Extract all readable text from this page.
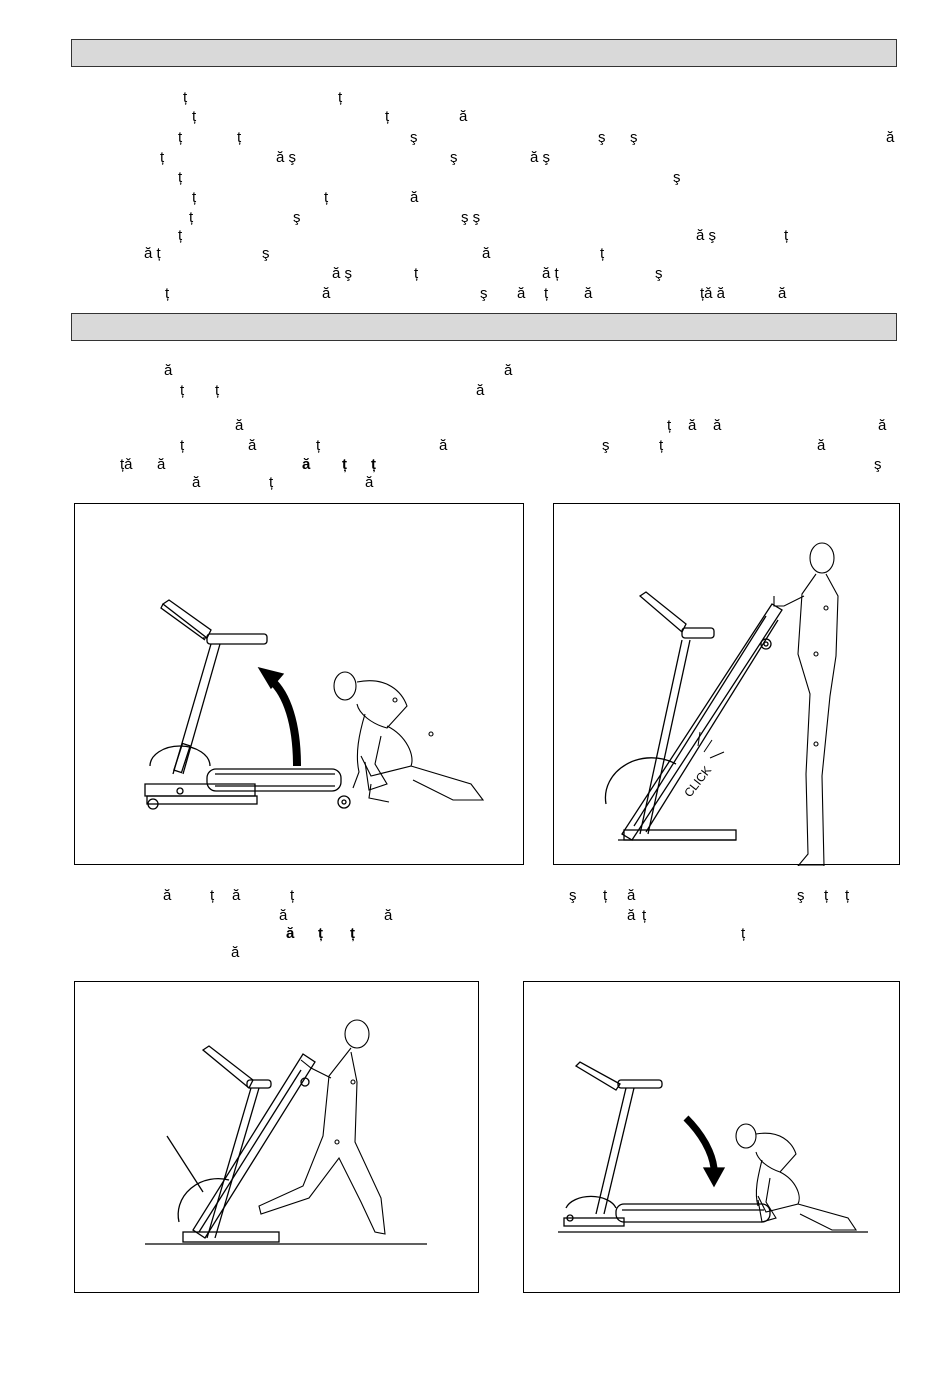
ț	ț
ț	ț	ă
ț	ț	ş	ş ş	ă
ț	ă ş	ş	ă ş
ț	ş
ț	ț	ă
ț	ş	ş ş
ț	ă ş	ț
ă ț	ş	ă	ț
ă ş	ț	ă ț	ş
ț	ă	ş ă ț ă	țǎ ă	ă
ă	ă
ț ț	ă
ă	ț ă ă	ă
ț	ă	ț	ă	ş	ț	ă
țǎ ă	ă ț ț	ş
ă	ț	ă
ă	ț ă	ț
ă	ă
ă ț ț
ă
ş ț ă	ş ț ț
ă ț
ț
CLICK
